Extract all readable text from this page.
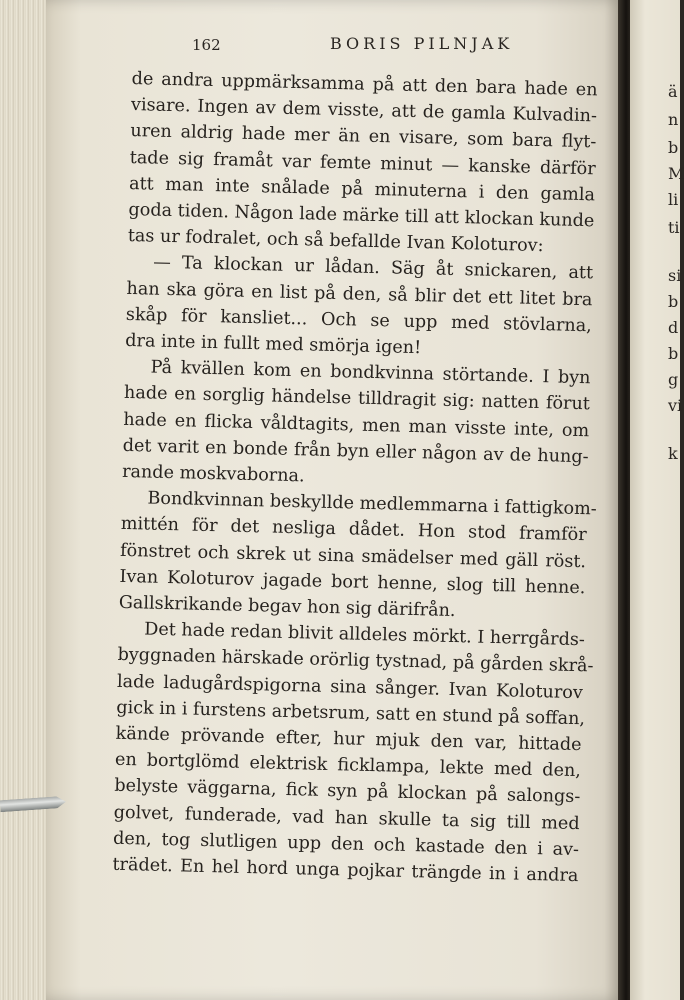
162	BORIS PILNJAK
de andra uppmärksamma på att den bara hade en
visare. Ingen av dem visste, att de gamla Kulvadin-
uren aldrig hade mer än en visare, som bara flyt-
tade sig framåt var femte minut — kanske därför
att man inte snålade på minuterna i den gamla
goda tiden. Någon lade märke till att klockan kunde
tas ur fodralet, och så befallde Ivan Koloturov:
— Ta klockan ur lådan. Säg åt snickaren, att
han ska göra en list på den, så blir det ett litet bra
skåp för kansliet... Och se upp med stövlarna,
dra inte in fullt med smörja igen!
På kvällen kom en bondkvinna störtande. I byn
hade en sorglig händelse tilldragit sig: natten förut
hade en flicka våldtagits, men man visste inte, om
det varit en bonde från byn eller någon av de hung-
rande moskvaborna.
Bondkvinnan beskyllde medlemmarna i fattigkom-
mittén för det nesliga dådet. Hon stod framför
fönstret och skrek ut sina smädelser med gäll röst.
Ivan Koloturov jagade bort henne, slog till henne.
Gallskrikande begav hon sig därifrån.
Det hade redan blivit alldeles mörkt. I herrgårds-
byggnaden härskade orörlig tystnad, på gården skrå-
lade ladugårdspigorna sina sånger. Ivan Koloturov
gick in i furstens arbetsrum, satt en stund på soffan,
kände prövande efter, hur mjuk den var, hittade
en bortglömd elektrisk ficklampa, lekte med den,
belyste väggarna, fick syn på klockan på salongs-
golvet, funderade, vad han skulle ta sig till med
den, tog slutligen upp den och kastade den i av-
trädet. En hel hord unga pojkar trängde in i andra
ä
n
b
M
li
ti
si
b
d
b
g
vi
k
